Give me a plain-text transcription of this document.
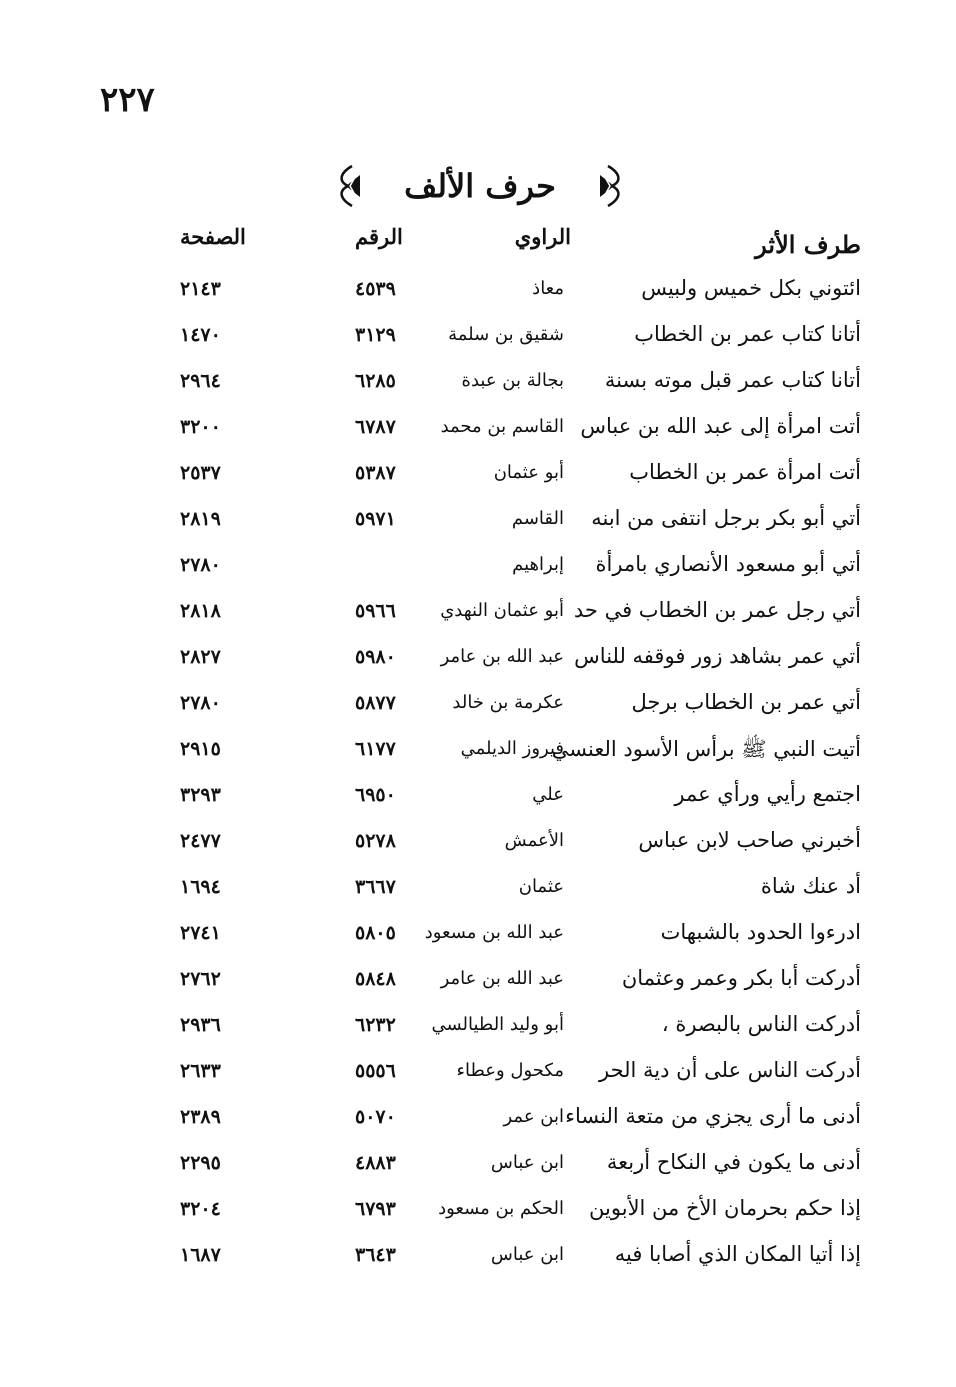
٢٢٧
حرف الألف
طرف الأثر
الراوي
الرقم
الصفحة
ائتوني بكل خميس ولبيس
معاذ
٤٥٣٩
٢١٤٣
أتانا كتاب عمر بن الخطاب
شقيق بن سلمة
٣١٢٩
١٤٧٠
أتانا كتاب عمر قبل موته بسنة
بجالة بن عبدة
٦٢٨٥
٢٩٦٤
أتت امرأة إلى عبد الله بن عباس
القاسم بن محمد
٦٧٨٧
٣٢٠٠
أتت امرأة عمر بن الخطاب
أبو عثمان
٥٣٨٧
٢٥٣٧
أتي أبو بكر برجل انتفى من ابنه
القاسم
٥٩٧١
٢٨١٩
أتي أبو مسعود الأنصاري بامرأة
إبراهيم
٢٧٨٠
أتي رجل عمر بن الخطاب في حد
أبو عثمان النهدي
٥٩٦٦
٢٨١٨
أتي عمر بشاهد زور فوقفه للناس
عبد الله بن عامر
٥٩٨٠
٢٨٢٧
أتي عمر بن الخطاب برجل
عكرمة بن خالد
٥٨٧٧
٢٧٨٠
أتيت النبي ﷺ برأس الأسود العنسي
فيروز الديلمي
٦١٧٧
٢٩١٥
اجتمع رأيي ورأي عمر
علي
٦٩٥٠
٣٢٩٣
أخبرني صاحب لابن عباس
الأعمش
٥٢٧٨
٢٤٧٧
أد عنك شاة
عثمان
٣٦٦٧
١٦٩٤
ادرءوا الحدود بالشبهات
عبد الله بن مسعود
٥٨٠٥
٢٧٤١
أدركت أبا بكر وعمر وعثمان
عبد الله بن عامر
٥٨٤٨
٢٧٦٢
أدركت الناس بالبصرة ،
أبو وليد الطيالسي
٦٢٣٢
٢٩٣٦
أدركت الناس على أن دية الحر
مكحول وعطاء
٥٥٥٦
٢٦٣٣
أدنى ما أرى يجزي من متعة النساء
ابن عمر
٥٠٧٠
٢٣٨٩
أدنى ما يكون في النكاح أربعة
ابن عباس
٤٨٨٣
٢٢٩٥
إذا حكم بحرمان الأخ من الأبوين
الحكم بن مسعود
٦٧٩٣
٣٢٠٤
إذا أتيا المكان الذي أصابا فيه
ابن عباس
٣٦٤٣
١٦٨٧
